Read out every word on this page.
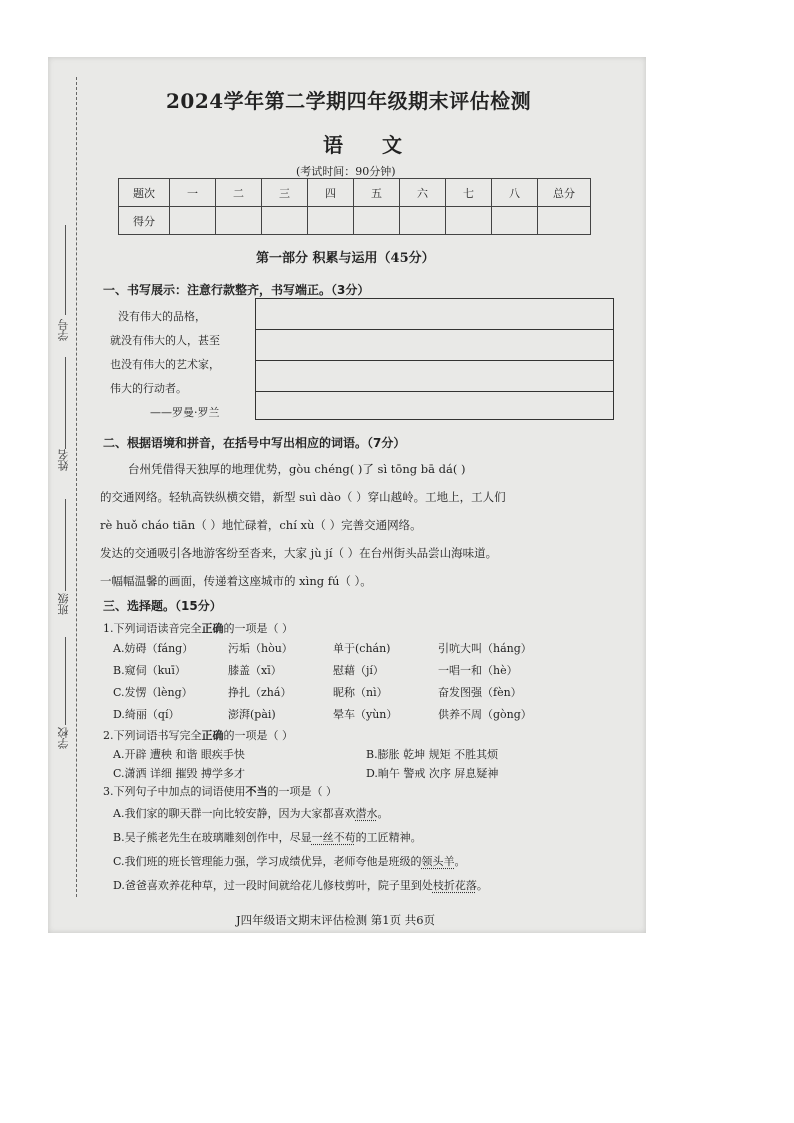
学号
姓名
班级
学校
2024学年第二学期四年级期末评估检测
语 文
(考试时间：90分钟)
题次	一	二	三	四	五	六	七	八	总分
得分									
第一部分 积累与运用（45分）
一、书写展示：注意行款整齐，书写端正。（3分）
没有伟大的品格，
就没有伟大的人，甚至
也没有伟大的艺术家，
伟大的行动者。
——罗曼·罗兰
二、根据语境和拼音，在括号中写出相应的词语。（7分）
台州凭借得天独厚的地理优势，gòu chéng( )了 sì tōng bā dá( )
的交通网络。轻轨高铁纵横交错，新型 suì dào（ ）穿山越岭。工地上，工人们
rè huǒ cháo tiān（ ）地忙碌着，chí xù（ ）完善交通网络。
发达的交通吸引各地游客纷至沓来，大家 jù jí（ ）在台州街头品尝山海味道。
一幅幅温馨的画面，传递着这座城市的 xìng fú（ ）。
三、选择题。（15分）
1.下列词语读音完全正确的一项是（ ）
A.妨碍（fáng）	污垢（hòu）	单于(chán)	引吭大叫（háng）
B.窥伺（kuī）	膝盖（xī）	慰藉（jí）	一唱一和（hè）
C.发愣（lèng）	挣扎（zhá）	昵称（nì）	奋发图强（fèn）
D.绮丽（qí）	澎湃(pài)	晕车（yùn）	供养不周（gòng）
2.下列词语书写完全正确的一项是（ ）
A.开辟 遭秧 和谐 眼疾手快	B.膨胀 乾坤 规矩 不胜其烦
C.潇洒 详细 摧毁 搏学多才	D.晌午 警戒 次序 屏息疑神
3.下列句子中加点的词语使用不当的一项是（ ）
A.我们家的聊天群一向比较安静，因为大家都喜欢潜水。
B.吴子熊老先生在玻璃雕刻创作中，尽显一丝不苟的工匠精神。
C.我们班的班长管理能力强，学习成绩优异，老师夸他是班级的领头羊。
D.爸爸喜欢养花种草，过一段时间就给花儿修枝剪叶，院子里到处枝折花落。
J四年级语文期末评估检测 第1页 共6页
